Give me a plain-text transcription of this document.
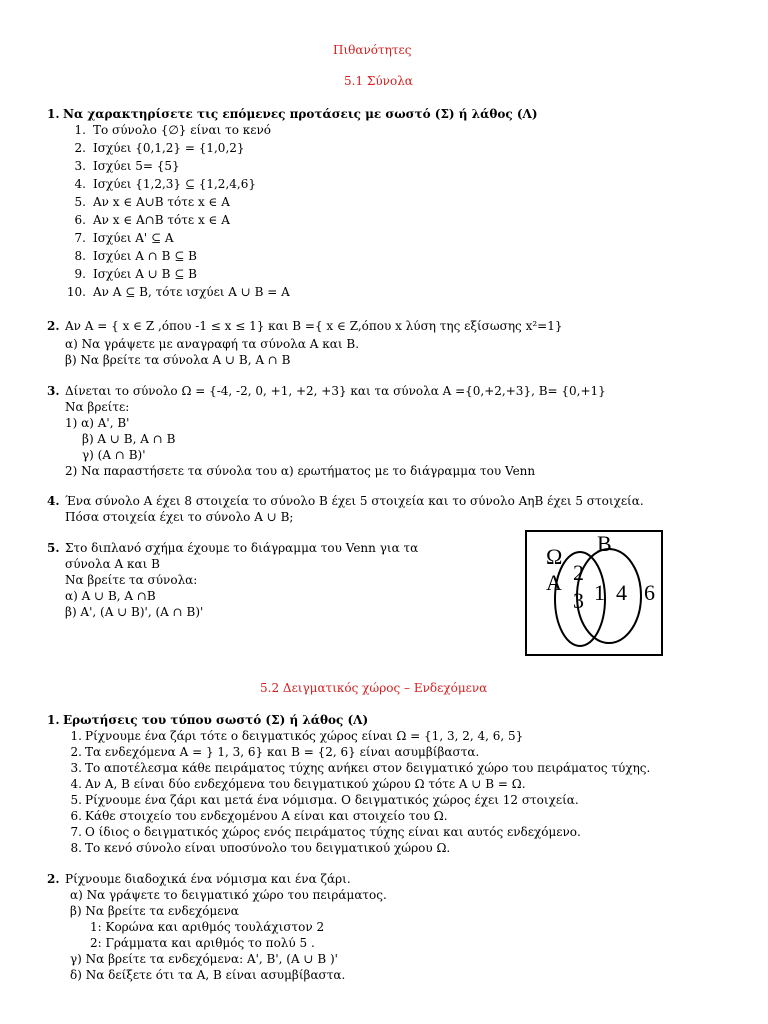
Πιθανότητες
5.1 Σύνολα
1. Να χαρακτηρίσετε τις επόμενες προτάσεις με σωστό (Σ) ή λάθος (Λ)
1. Το σύνολο {∅} είναι το κενό
2. Ισχύει {0,1,2} = {1,0,2}
3. Ισχύει 5= {5}
4. Ισχύει {1,2,3} ⊆ {1,2,4,6}
5. Αν x ∈ A∪B τότε x ∈ A
6. Αν x ∈ A∩B τότε x ∈ A
7. Ισχύει A' ⊆ A
8. Ισχύει A ∩ B ⊆ B
9. Ισχύει A ∪ B ⊆ B
10. Αν A ⊆ B, τότε ισχύει A ∪ B = A
2. Αν A = { x ∈ Z ,όπου -1 ≤ x ≤ 1} και B ={ x ∈ Z,όπου x λύση της εξίσωσης x²=1}
α) Να γράψετε με αναγραφή τα σύνολα A και B.
β) Να βρείτε τα σύνολα A ∪ B, A ∩ B
3. Δίνεται το σύνολο Ω = {-4, -2, 0, +1, +2, +3} και τα σύνολα A ={0,+2,+3}, B= {0,+1}
Να βρείτε:
1) α) A', B'
β) A ∪ B, A ∩ B
γ) (A ∩ B)'
2) Να παραστήσετε τα σύνολα του α) ερωτήματος με το διάγραμμα του Venn
4. Ένα σύνολο A έχει 8 στοιχεία το σύνολο B έχει 5 στοιχεία και το σύνολο AηB έχει 5 στοιχεία.
Πόσα στοιχεία έχει το σύνολο A ∪ B;
5. Στο διπλανό σχήμα έχουμε το διάγραμμα του Venn για τα
σύνολα A και B
Να βρείτε τα σύνολα:
α) A ∪ B, A ∩B
β) A', (A ∪ B)', (A ∩ B)'
Ω
B
A 2
3 1 4 6
5.2 Δειγματικός χώρος – Ενδεχόμενα
1. Ερωτήσεις του τύπου σωστό (Σ) ή λάθος (Λ)
1. Ρίχνουμε ένα ζάρι τότε ο δειγματικός χώρος είναι Ω = {1, 3, 2, 4, 6, 5}
2. Τα ενδεχόμενα A = } 1, 3, 6} και B = {2, 6} είναι ασυμβίβαστα.
3. Το αποτέλεσμα κάθε πειράματος τύχης ανήκει στον δειγματικό χώρο του πειράματος τύχης.
4. Αν A, B είναι δύο ενδεχόμενα του δειγματικού χώρου Ω τότε A ∪ B = Ω.
5. Ρίχνουμε ένα ζάρι και μετά ένα νόμισμα. Ο δειγματικός χώρος έχει 12 στοιχεία.
6. Κάθε στοιχείο του ενδεχομένου A είναι και στοιχείο του Ω.
7. Ο ίδιος ο δειγματικός χώρος ενός πειράματος τύχης είναι και αυτός ενδεχόμενο.
8. Το κενό σύνολο είναι υποσύνολο του δειγματικού χώρου Ω.
2. Ρίχνουμε διαδοχικά ένα νόμισμα και ένα ζάρι.
α) Να γράψετε το δειγματικό χώρο του πειράματος.
β) Να βρείτε τα ενδεχόμενα
1: Κορώνα και αριθμός τουλάχιστον 2
2: Γράμματα και αριθμός το πολύ 5 .
γ) Να βρείτε τα ενδεχόμενα: A', B', (A ∪ B )'
δ) Να δείξετε ότι τα A, B είναι ασυμβίβαστα.
